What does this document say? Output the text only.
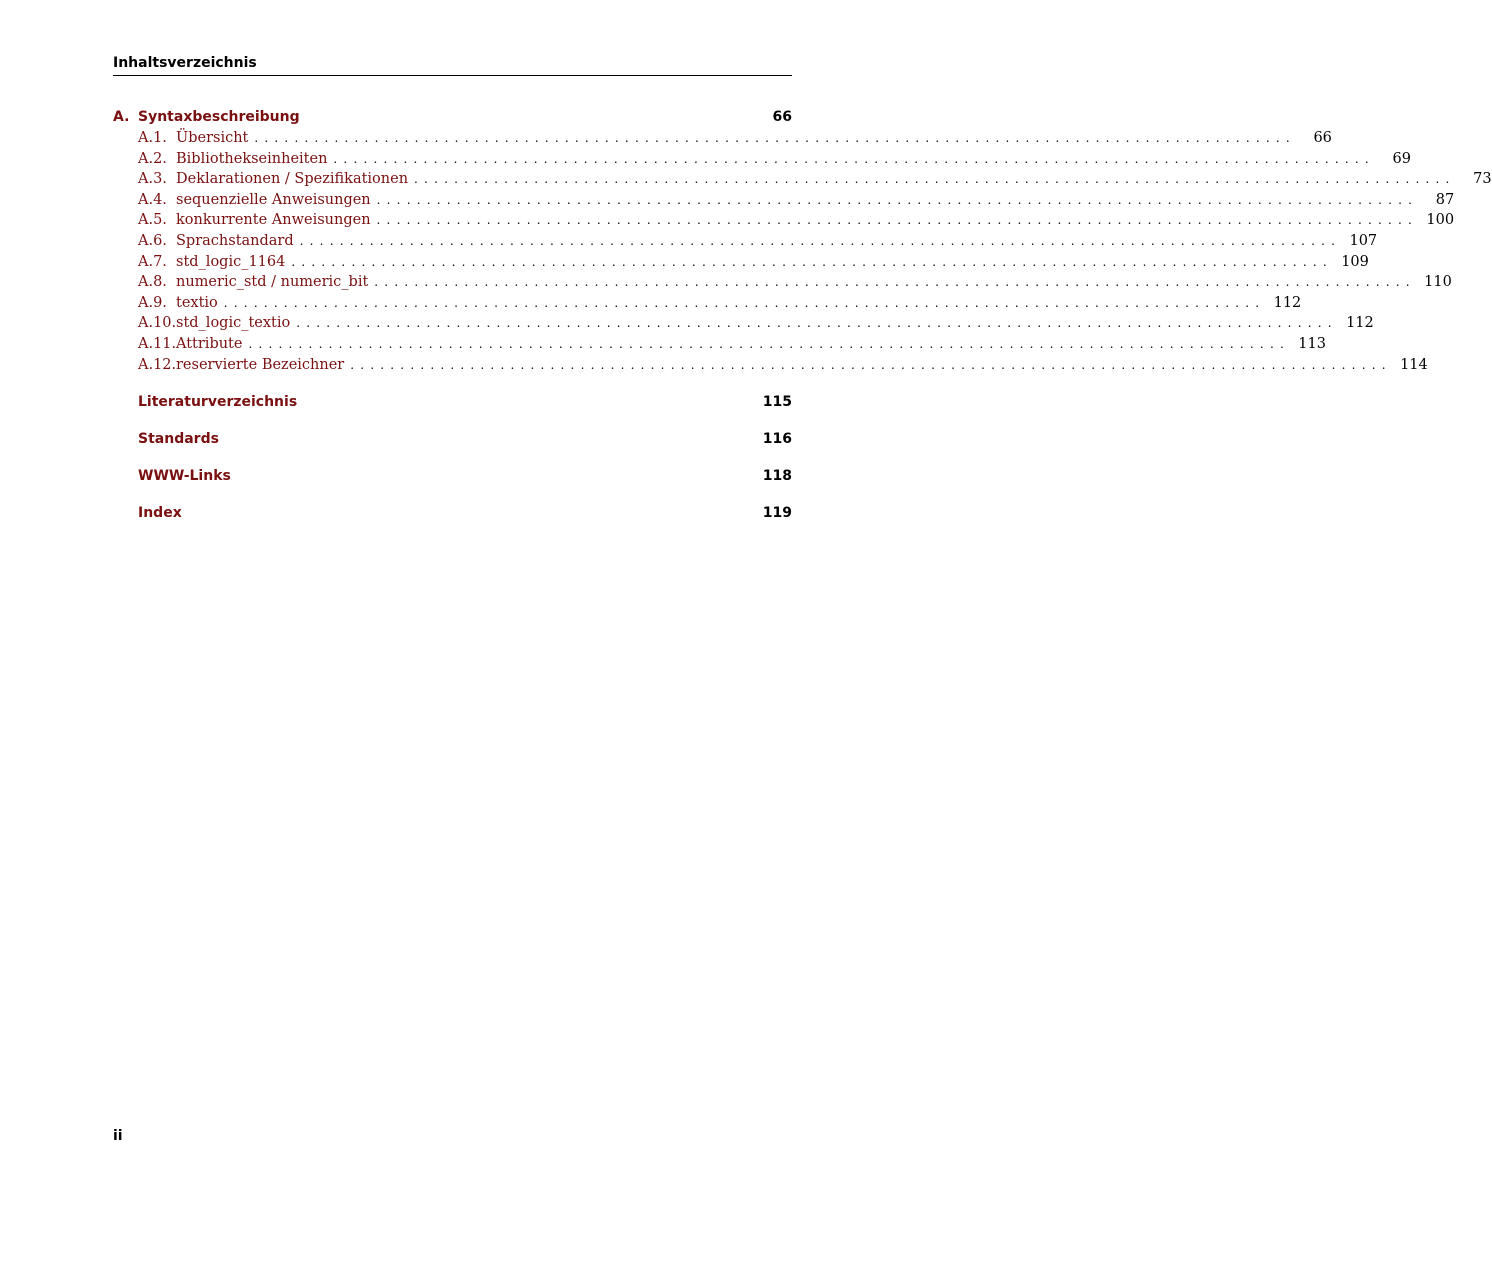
Inhaltsverzeichnis
A. Syntaxbeschreibung	66
A.1. Übersicht ........................................................................................................	66
A.2. Bibliothekseinheiten ........................................................................................................	69
A.3. Deklarationen / Spezifikationen ........................................................................................................	73
A.4. sequenzielle Anweisungen ........................................................................................................	87
A.5. konkurrente Anweisungen ........................................................................................................ 100
A.6. Sprachstandard ........................................................................................................ 107
A.7. std_logic_1164 ........................................................................................................ 109
A.8. numeric_std / numeric_bit ........................................................................................................ 110
A.9. textio ........................................................................................................ 112
A.10. std_logic_textio ........................................................................................................ 112
A.11. Attribute ........................................................................................................ 113
A.12. reservierte Bezeichner ........................................................................................................ 114
Literaturverzeichnis	115
Standards	116
WWW-Links	118
Index	119
ii
